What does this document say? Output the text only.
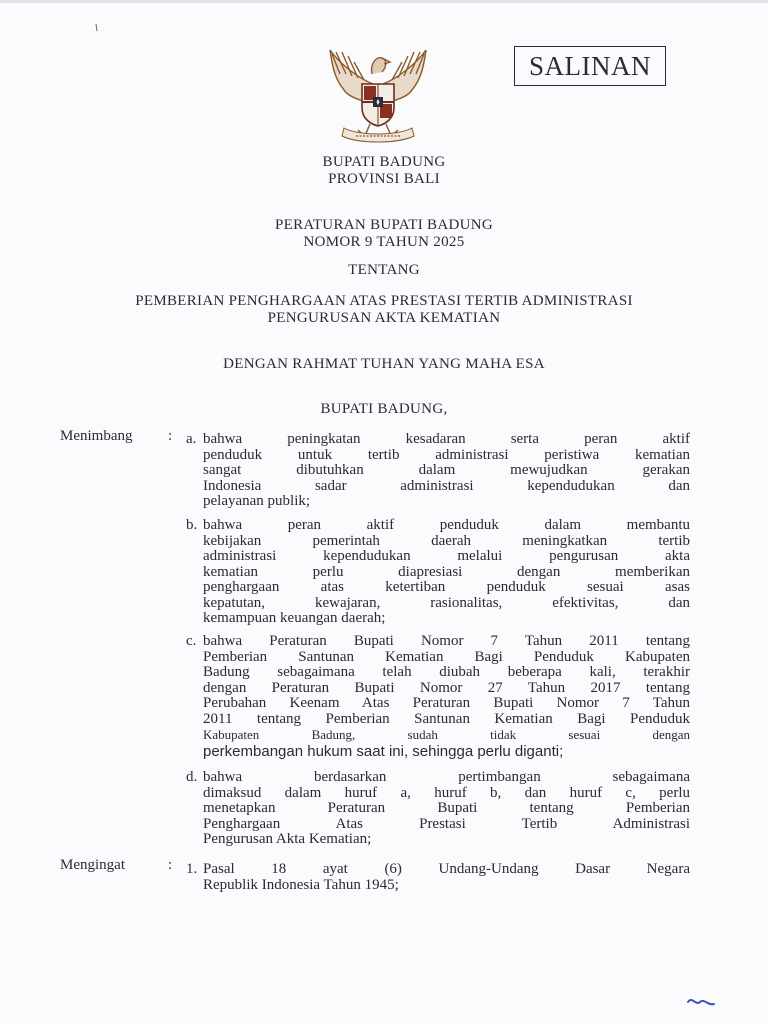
SALINAN
BUPATI BADUNG
PROVINSI BALI
PERATURAN BUPATI BADUNG
NOMOR 9 TAHUN 2025
TENTANG
PEMBERIAN PENGHARGAAN ATAS PRESTASI TERTIB ADMINISTRASI
PENGURUSAN AKTA KEMATIAN
DENGAN RAHMAT TUHAN YANG MAHA ESA
BUPATI BADUNG,
Menimbang : a. bahwa peningkatan kesadaran serta peran aktif
penduduk untuk tertib administrasi peristiwa kematian
sangat dibutuhkan dalam mewujudkan gerakan
Indonesia sadar administrasi kependudukan dan
pelayanan publik;
b. bahwa peran aktif penduduk dalam membantu
kebijakan pemerintah daerah meningkatkan tertib
administrasi kependudukan melalui pengurusan akta
kematian perlu diapresiasi dengan memberikan
penghargaan atas ketertiban penduduk sesuai asas
kepatutan, kewajaran, rasionalitas, efektivitas, dan
kemampuan keuangan daerah;
c. bahwa Peraturan Bupati Nomor 7 Tahun 2011 tentang
Pemberian Santunan Kematian Bagi Penduduk Kabupaten
Badung sebagaimana telah diubah beberapa kali, terakhir
dengan Peraturan Bupati Nomor 27 Tahun 2017 tentang
Perubahan Keenam Atas Peraturan Bupati Nomor 7 Tahun
2011 tentang Pemberian Santunan Kematian Bagi Penduduk
Kabupaten Badung, sudah tidak sesuai dengan
perkembangan hukum saat ini, sehingga perlu diganti;
d. bahwa berdasarkan pertimbangan sebagaimana
dimaksud dalam huruf a, huruf b, dan huruf c, perlu
menetapkan Peraturan Bupati tentang Pemberian
Penghargaan Atas Prestasi Tertib Administrasi
Pengurusan Akta Kematian;
Mengingat	: 1. Pasal 18 ayat (6) Undang-Undang Dasar Negara
Republik Indonesia Tahun 1945;
